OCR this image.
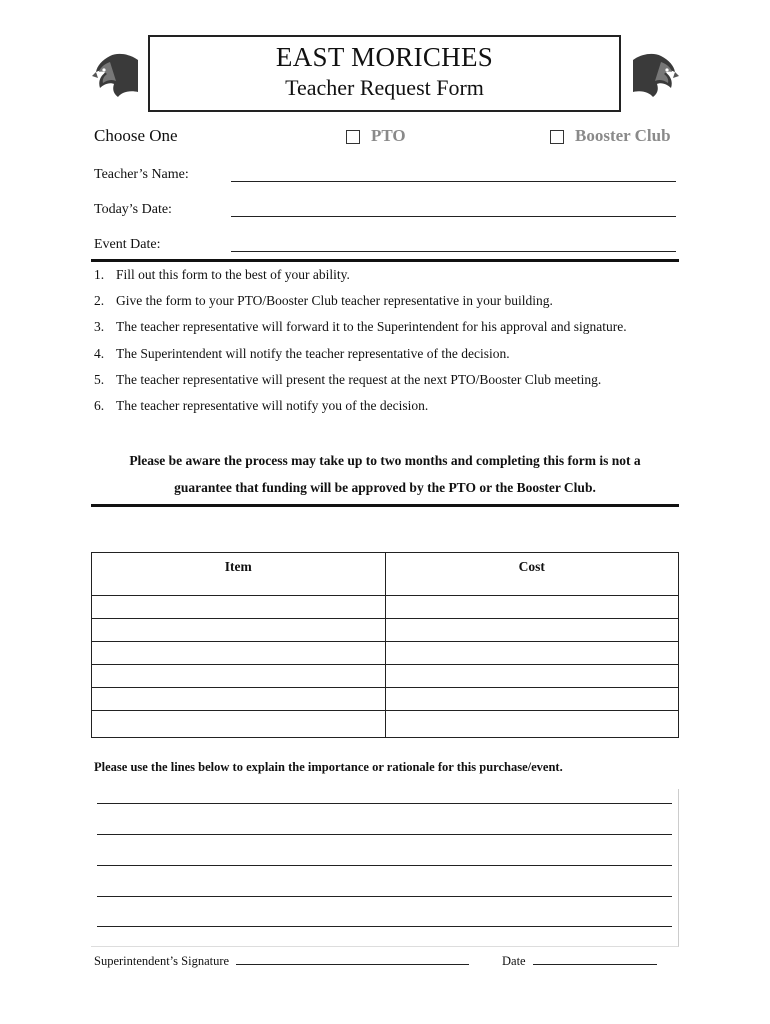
EAST MORICHES
Teacher Request Form
Choose One	PTO	Booster Club
Teacher’s Name:
Today’s Date:
Event Date:
1. Fill out this form to the best of your ability.
2. Give the form to your PTO/Booster Club teacher representative in your building.
3. The teacher representative will forward it to the Superintendent for his approval and signature.
4. The Superintendent will notify the teacher representative of the decision.
5. The teacher representative will present the request at the next PTO/Booster Club meeting.
6. The teacher representative will notify you of the decision.
Please be aware the process may take up to two months and completing this form is not a
guarantee that funding will be approved by the PTO or the Booster Club.
Item	Cost

Please use the lines below to explain the importance or rationale for this purchase/event.
Superintendent’s Signature	Date
